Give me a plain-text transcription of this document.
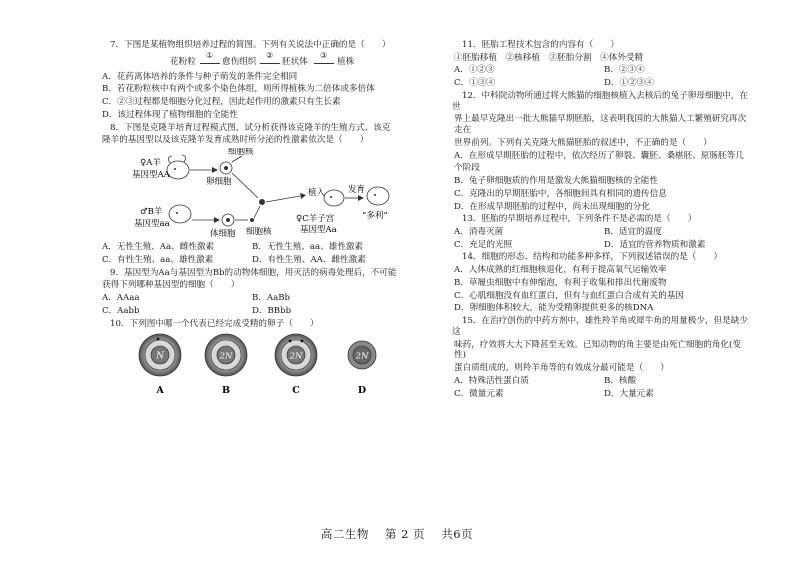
7．下图是某植物组织培养过程的简图。下列有关说法中正确的是（　　）

花粉粒
①
愈伤组织
②
胚状体
③
植株

A．花药离体培养的条件与种子萌发的条件完全相同

B．若花粉粒核中有两个或多个染色体组，则所得植株为二倍体或多倍体

C．②③过程都是细胞分化过程，因此起作用的激素只有生长素

D．该过程体现了植物细胞的全能性

8．下图是克隆羊培育过程模式图，试分析获得该克隆羊的生殖方式、该克

隆羊的基因型以及该克隆羊发育成熟时所分泌的性激素依次是（　　）

♀A羊
基因型AA
卵细胞
细胞核
植入	发育
♀C羊子宫
基因型Aa
“多利”
♂B羊
基因型aa
体细胞 细胞核
A．无性生殖、Aa、雌性激素	B．无性生殖、aa、雄性激素
C．有性生殖、aa、雄性激素	D．有性生殖、AA、雌性激素

9．基因型为Aa与基因型为Bb的动物体细胞，用灭活的病毒处理后，不可能

获得下列哪种基因型的细胞（　　）

A．AAaa	B．AaBb
C．Aabb	D．BBbb

10．下列图中哪一个代表已经完成受精的卵子（　　）

N
A
2N
B
2N
C
2N
D

11．胚胎工程技术包含的内容有（　　）

①胚胎移植　②核移植　③胚胎分割　④体外受精

A．①②③	B．②③④
C．①③④	D．①②③④

12．中科院动物所通过将大熊猫的细胞核植入去核后的兔子卵母细胞中，在世

界上最早克隆出一批大熊猫早期胚胎，这表明我国的大熊猫人工繁殖研究再次走在

世界前列。下列有关克隆大熊猫胚胎的叙述中，不正确的是（　　）

A．在形成早期胚胎的过程中，依次经历了卵裂、囊胚、桑椹胚、原肠胚等几

个阶段

B．兔子卵细胞质的作用是激发大熊猫细胞核的全能性

C．克隆出的早期胚胎中，各细胞间具有相同的遗传信息

D．在形成早期胚胎的过程中，尚未出现细胞的分化

13．胚胎的早期培养过程中，下列条件不是必需的是（　　）

A．消毒灭菌	B．适宜的温度
C．充足的光照	D．适宜的营养物质和激素

14．细胞的形态、结构和功能多种多样，下列叙述错误的是（　　）

A．人体成熟的红细胞核退化，有利于提高氧气运输效率

B．草履虫细胞中有伸缩泡，有利于收集和排出代谢废物

C．心肌细胞没有血红蛋白，但有与血红蛋白合成有关的基因

D．卵细胞体积较大，能为受精卵提供更多的核DNA

15．在治疗创伤的中药方剂中，雄性羚羊角或犀牛角的用量极少，但是缺少这

味药，疗效将大大下降甚至无效。已知动物的角主要是由死亡细胞的角化(变性)

蛋白质组成的，则羚羊角等的有效成分最可能是（　　）

A．特殊活性蛋白质	B．核酸
C．微量元素	D．大量元素
高二生物 第 2 页 共6页
